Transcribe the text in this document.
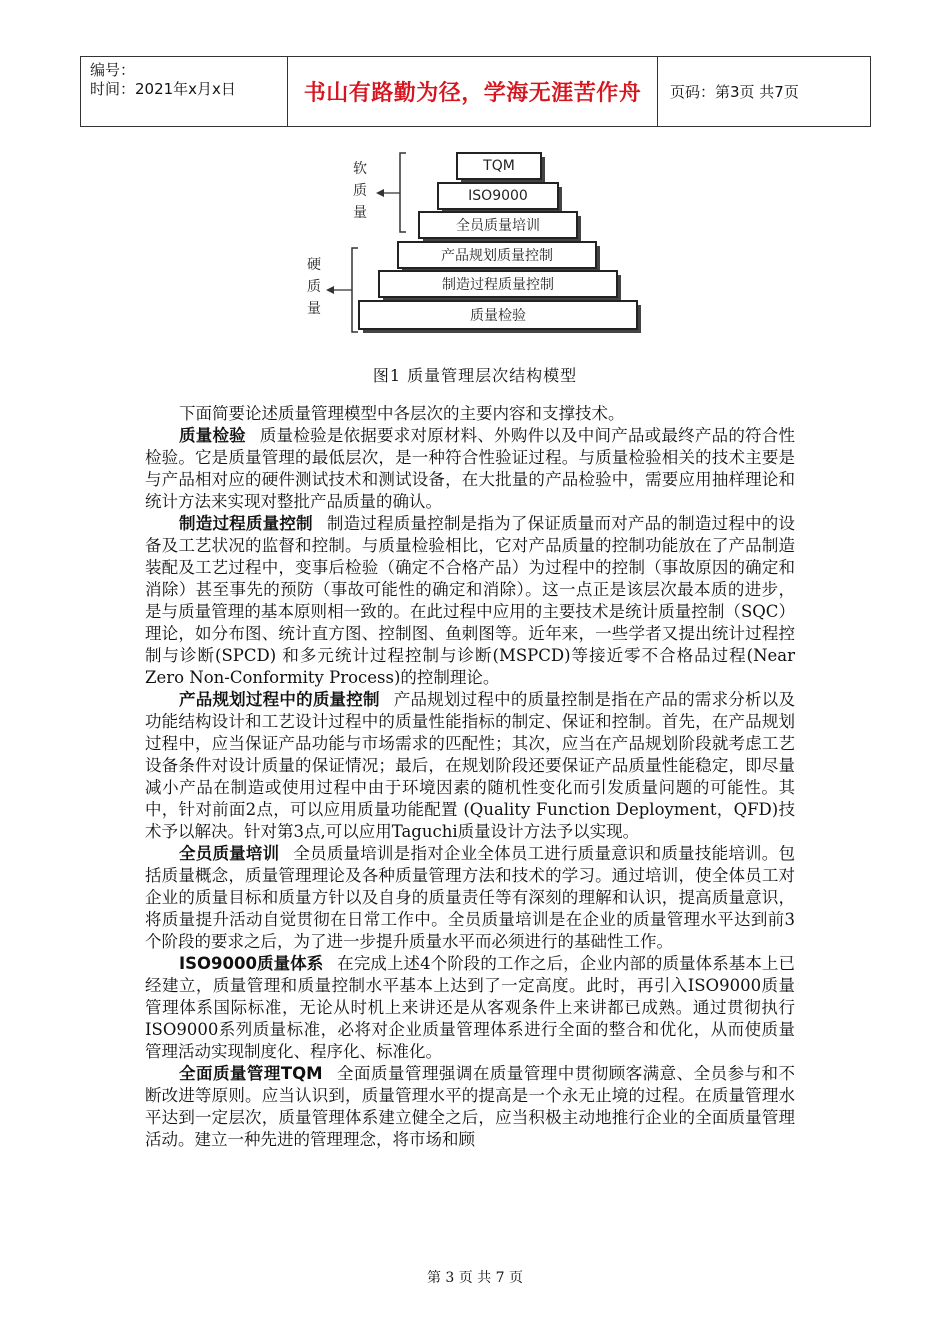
编号：
时间：2021年x月x日	书山有路勤为径，学海无涯苦作舟	页码：第3页 共7页
软
质
量
硬
质
量
TQM
ISO9000
全员质量培训
产品规划质量控制
制造过程质量控制
质量检验
图1 质量管理层次结构模型

下面简要论述质量管理模型中各层次的主要内容和支撑技术。

质量检验 质量检验是依据要求对原材料、外购件以及中间产品或最终产品的符合性检验。它是质量管理的最低层次，是一种符合性验证过程。与质量检验相关的技术主要是与产品相对应的硬件测试技术和测试设备，在大批量的产品检验中，需要应用抽样理论和统计方法来实现对整批产品质量的确认。

制造过程质量控制 制造过程质量控制是指为了保证质量而对产品的制造过程中的设备及工艺状况的监督和控制。与质量检验相比，它对产品质量的控制功能放在了产品制造装配及工艺过程中，变事后检验（确定不合格产品）为过程中的控制（事故原因的确定和消除）甚至事先的预防（事故可能性的确定和消除）。这一点正是该层次最本质的进步，是与质量管理的基本原则相一致的。在此过程中应用的主要技术是统计质量控制（SQC）理论，如分布图、统计直方图、控制图、鱼刺图等。近年来，一些学者又提出统计过程控制与诊断(SPCD) 和多元统计过程控制与诊断(MSPCD)等接近零不合格品过程(Near Zero Non-Conformity Process)的控制理论。

产品规划过程中的质量控制 产品规划过程中的质量控制是指在产品的需求分析以及功能结构设计和工艺设计过程中的质量性能指标的制定、保证和控制。首先，在产品规划过程中，应当保证产品功能与市场需求的匹配性；其次，应当在产品规划阶段就考虑工艺设备条件对设计质量的保证情况；最后，在规划阶段还要保证产品质量性能稳定，即尽量减小产品在制造或使用过程中由于环境因素的随机性变化而引发质量问题的可能性。其中，针对前面2点，可以应用质量功能配置 (Quality Function Deployment，QFD)技术予以解决。针对第3点,可以应用Taguchi质量设计方法予以实现。

全员质量培训 全员质量培训是指对企业全体员工进行质量意识和质量技能培训。包括质量概念，质量管理理论及各种质量管理方法和技术的学习。通过培训，使全体员工对企业的质量目标和质量方针以及自身的质量责任等有深刻的理解和认识，提高质量意识，将质量提升活动自觉贯彻在日常工作中。全员质量培训是在企业的质量管理水平达到前3个阶段的要求之后，为了进一步提升质量水平而必须进行的基础性工作。

ISO9000质量体系 在完成上述4个阶段的工作之后，企业内部的质量体系基本上已经建立，质量管理和质量控制水平基本上达到了一定高度。此时，再引入ISO9000质量管理体系国际标准，无论从时机上来讲还是从客观条件上来讲都已成熟。通过贯彻执行ISO9000系列质量标准，必将对企业质量管理体系进行全面的整合和优化，从而使质量管理活动实现制度化、程序化、标准化。

全面质量管理TQM 全面质量管理强调在质量管理中贯彻顾客满意、全员参与和不断改进等原则。应当认识到，质量管理水平的提高是一个永无止境的过程。在质量管理水平达到一定层次，质量管理体系建立健全之后，应当积极主动地推行企业的全面质量管理活动。建立一种先进的管理理念，将市场和顾

第 3 页 共 7 页
